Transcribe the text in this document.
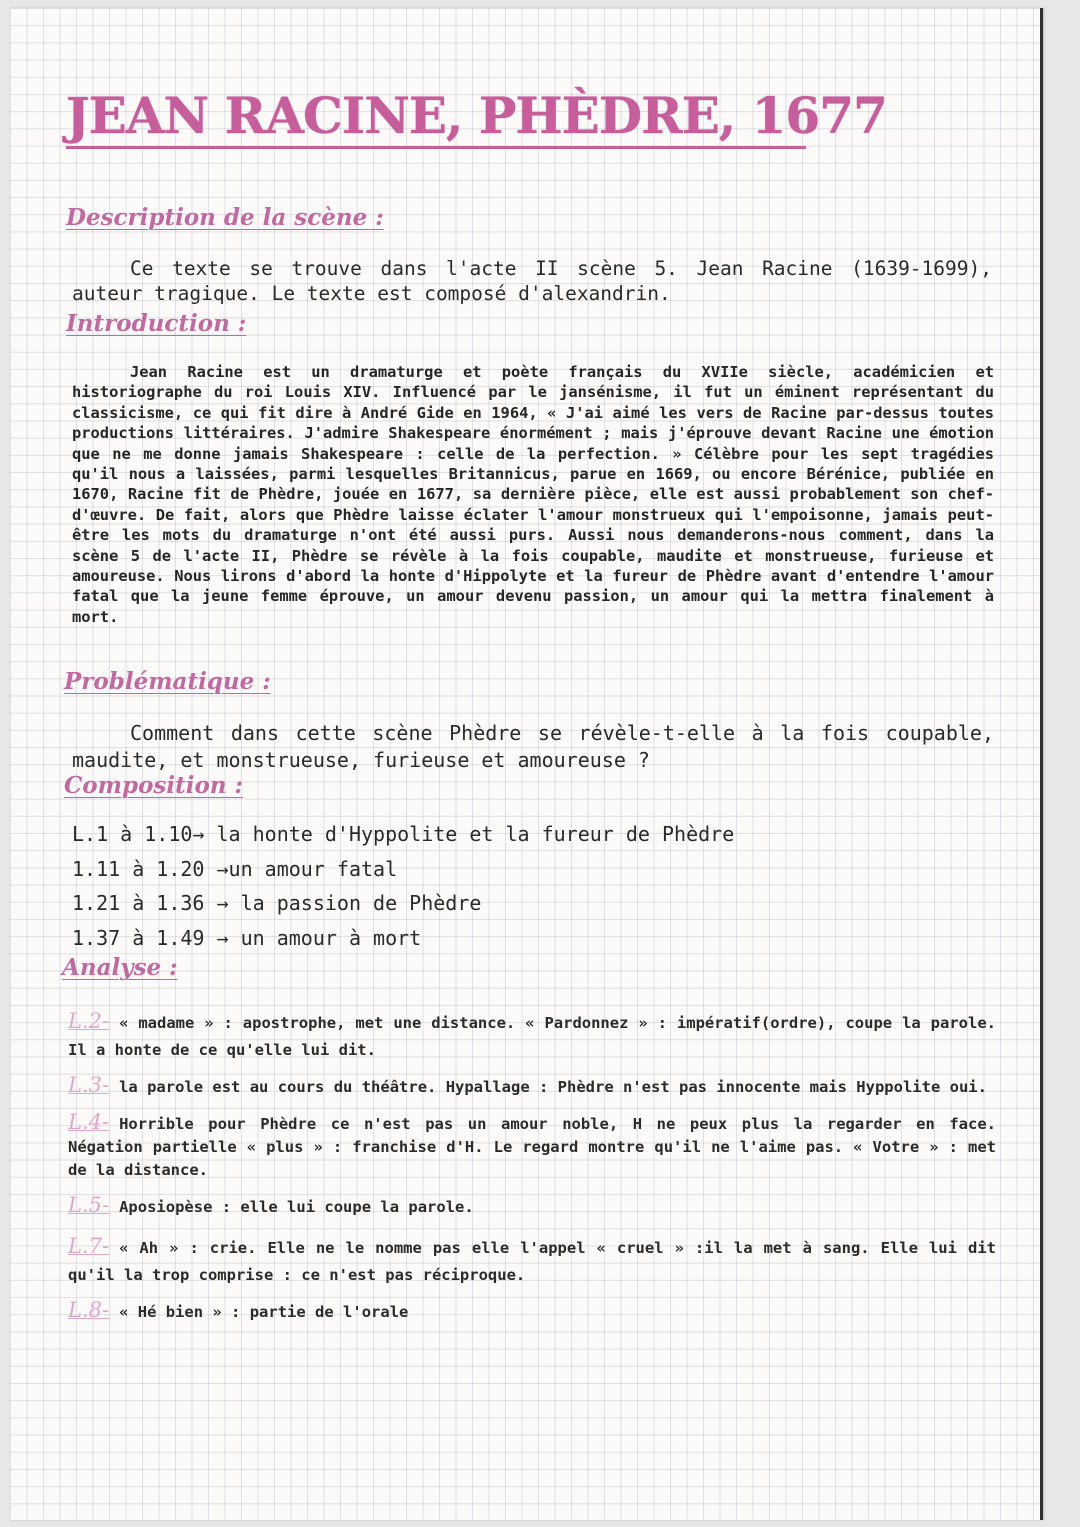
JEAN RACINE, PHÈDRE, 1677
Description de la scène :

Ce texte se trouve dans l'acte II scène 5. Jean Racine (1639-1699), auteur tragique. Le texte est composé d'alexandrin.

Introduction :

Jean Racine est un dramaturge et poète français du XVIIe siècle, académicien et historiographe du roi Louis XIV. Influencé par le jansénisme, il fut un éminent représentant du classicisme, ce qui fit dire à André Gide en 1964, « J'ai aimé les vers de Racine par-dessus toutes productions littéraires. J'admire Shakespeare énormément ; mais j'éprouve devant Racine une émotion que ne me donne jamais Shakespeare : celle de la perfection. » Célèbre pour les sept tragédies qu'il nous a laissées, parmi lesquelles Britannicus, parue en 1669, ou encore Bérénice, publiée en 1670, Racine fit de Phèdre, jouée en 1677, sa dernière pièce, elle est aussi probablement son chef-d'œuvre. De fait, alors que Phèdre laisse éclater l'amour monstrueux qui l'empoisonne, jamais peut-être les mots du dramaturge n'ont été aussi purs. Aussi nous demanderons-nous comment, dans la scène 5 de l'acte II, Phèdre se révèle à la fois coupable, maudite et monstrueuse, furieuse et amoureuse. Nous lirons d'abord la honte d'Hippolyte et la fureur de Phèdre avant d'entendre l'amour fatal que la jeune femme éprouve, un amour devenu passion, un amour qui la mettra finalement à mort.

Problématique :

Comment dans cette scène Phèdre se révèle-t-elle à la fois coupable, maudite, et monstrueuse, furieuse et amoureuse ?

Composition :
L.1 à 1.10→ la honte d'Hyppolite et la fureur de Phèdre
1.11 à 1.20 →un amour fatal
1.21 à 1.36 → la passion de Phèdre
1.37 à 1.49 → un amour à mort
Analyse :

L.2- « madame » : apostrophe, met une distance. « Pardonnez » : impératif(ordre), coupe la parole. Il a honte de ce qu'elle lui dit.

L.3- la parole est au cours du théâtre. Hypallage : Phèdre n'est pas innocente mais Hyppolite oui.

L.4- Horrible pour Phèdre ce n'est pas un amour noble, H ne peux plus la regarder en face. Négation partielle « plus » : franchise d'H. Le regard montre qu'il ne l'aime pas. « Votre » : met de la distance.

L.5- Aposiopèse : elle lui coupe la parole.

L.7- « Ah » : crie. Elle ne le nomme pas elle l'appel « cruel » :il la met à sang. Elle lui dit qu'il la trop comprise : ce n'est pas réciproque.

L.8- « Hé bien » : partie de l'orale
